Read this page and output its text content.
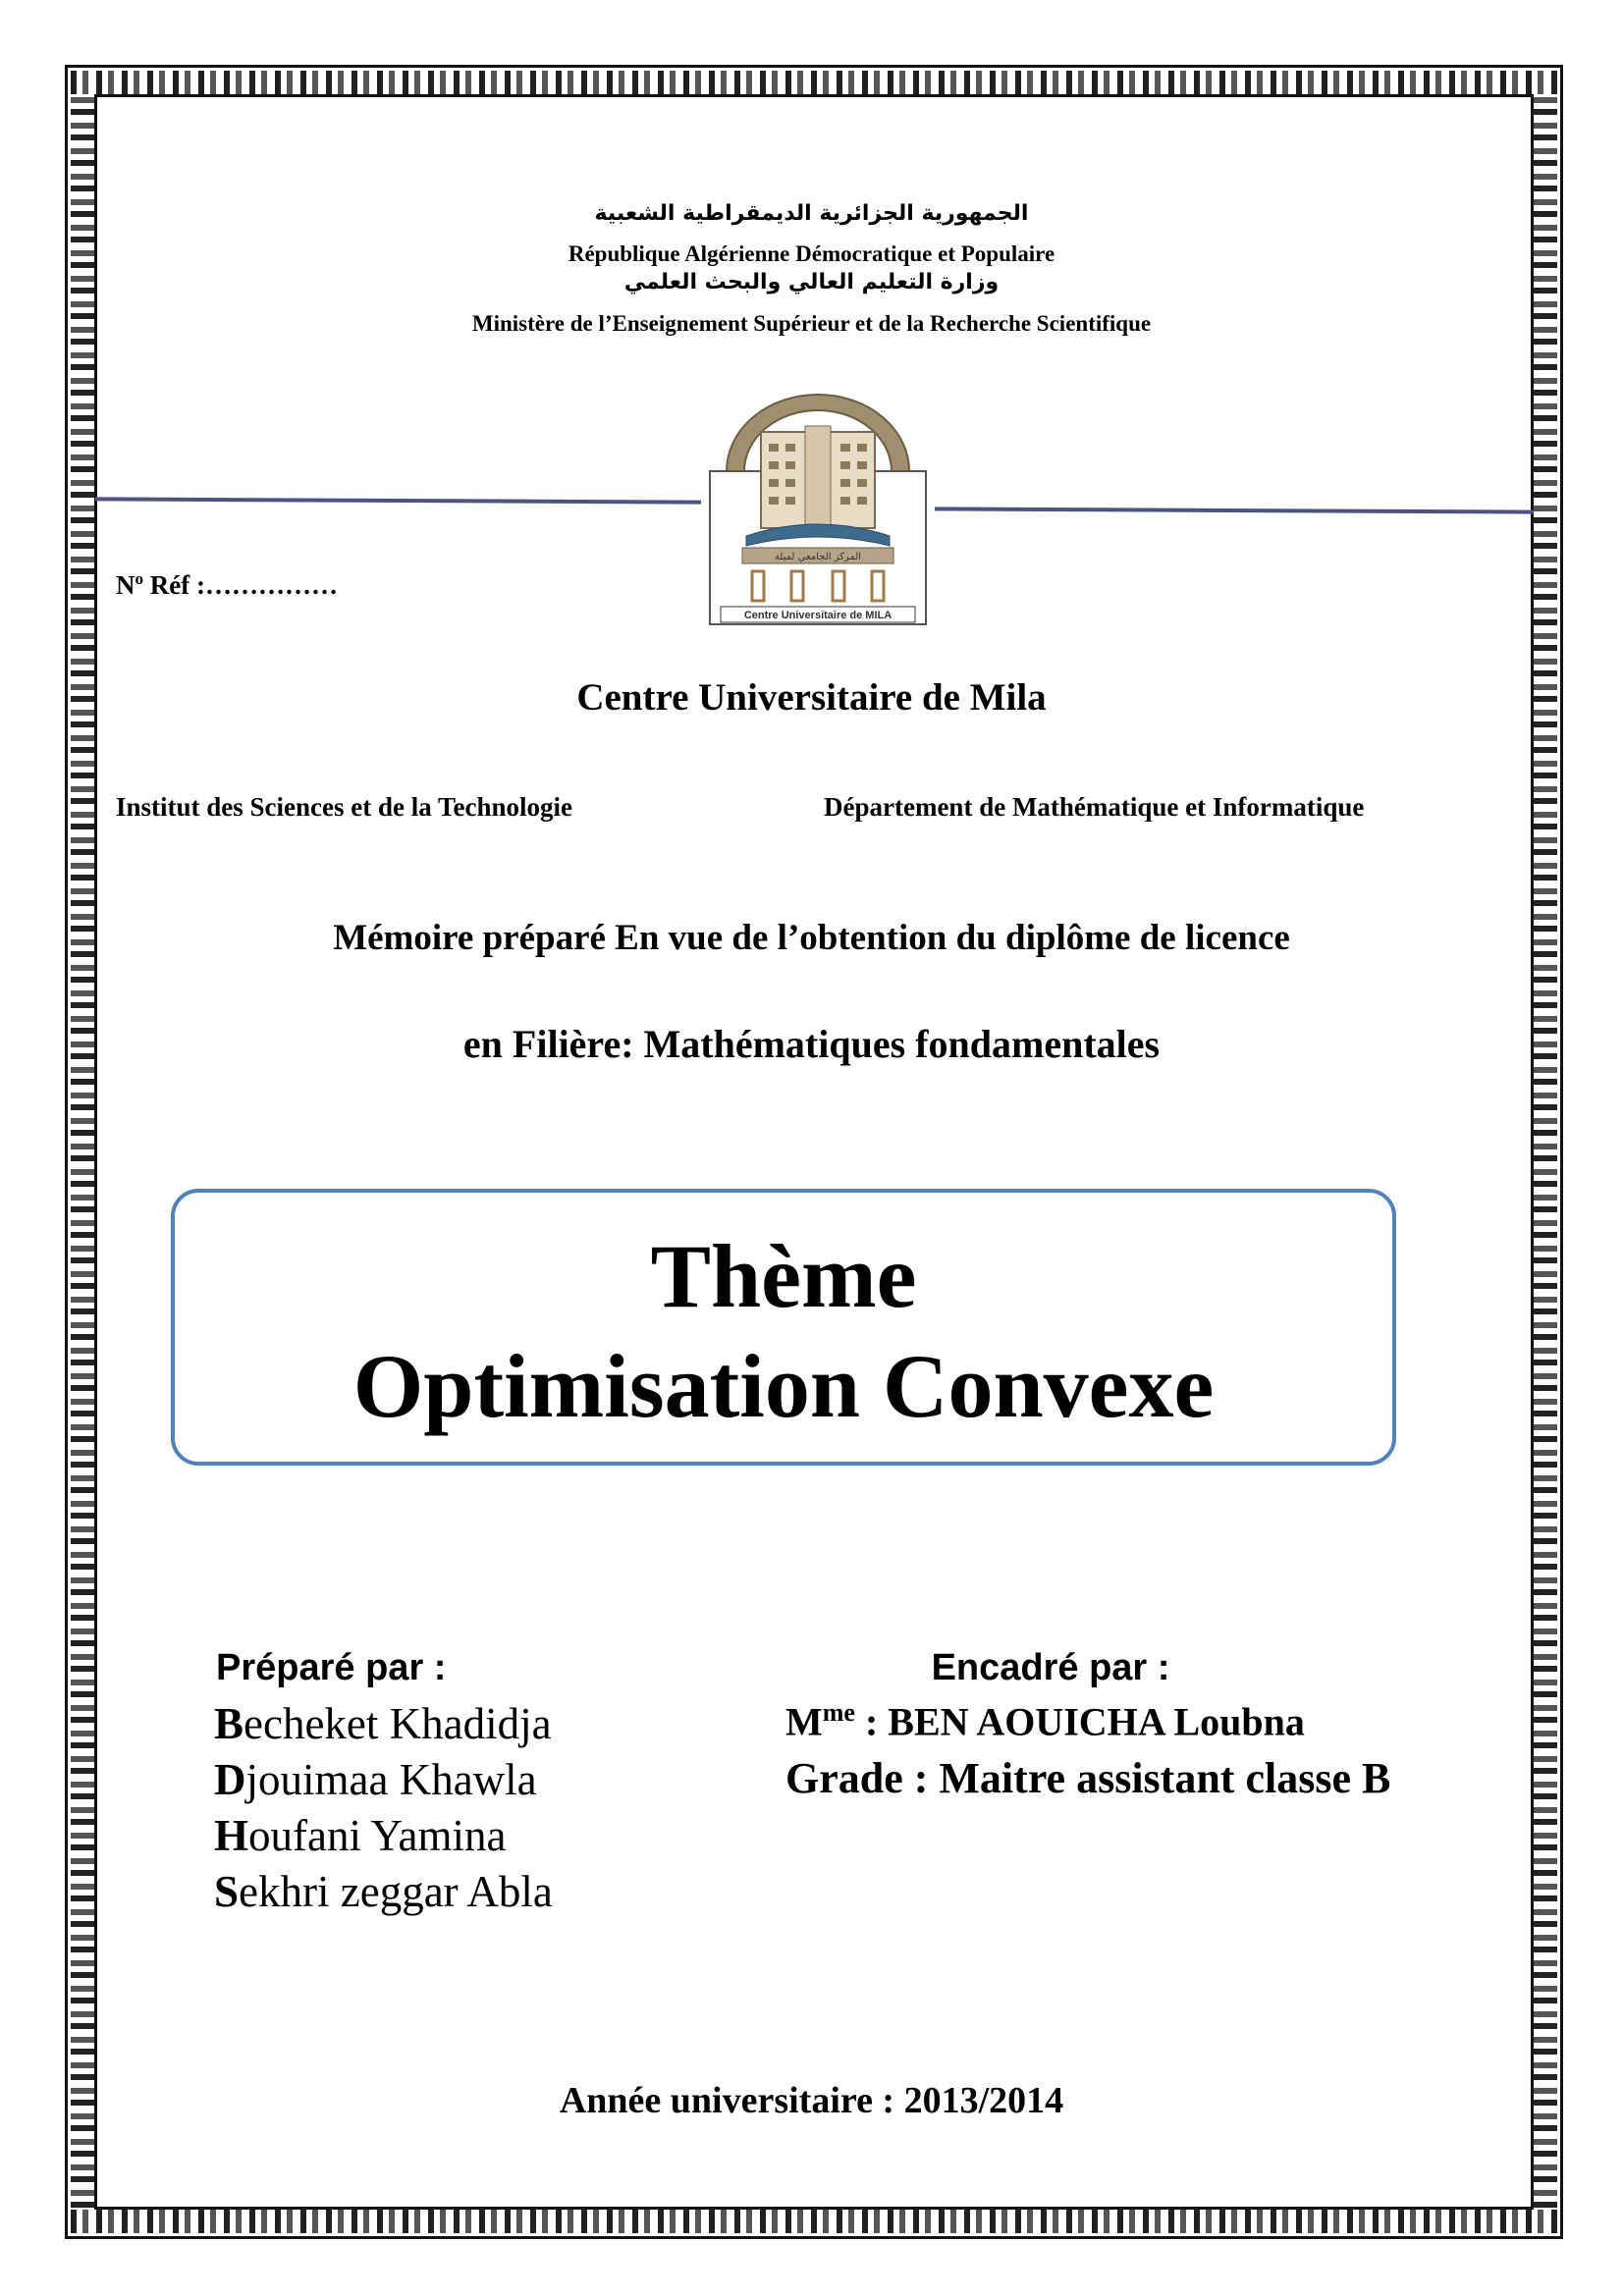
الجمهورية الجزائرية الديمقراطية الشعبية
République Algérienne Démocratique et Populaire
وزارة التعليم العالي والبحث العلمي
Ministère de l’Enseignement Supérieur et de la Recherche Scientifique
المركز الجامعي لميلة
Centre Universitaire de MILA
$N^o$ Réf :……………
Centre Universitaire de Mila
Institut des Sciences et de la Technologie	Département de Mathématique et Informatique
Mémoire préparé En vue de l’obtention du diplôme de licence
en Filière: Mathématiques fondamentales
Thème
Optimisation Convexe
Préparé par :	Encadré par :
Becheket Khadidja
Djouimaa Khawla
Houfani Yamina
Sekhri zeggar Abla
$M^{me}$ : BEN AOUICHA Loubna
Grade : Maitre assistant classe B
Année universitaire : 2013/2014
